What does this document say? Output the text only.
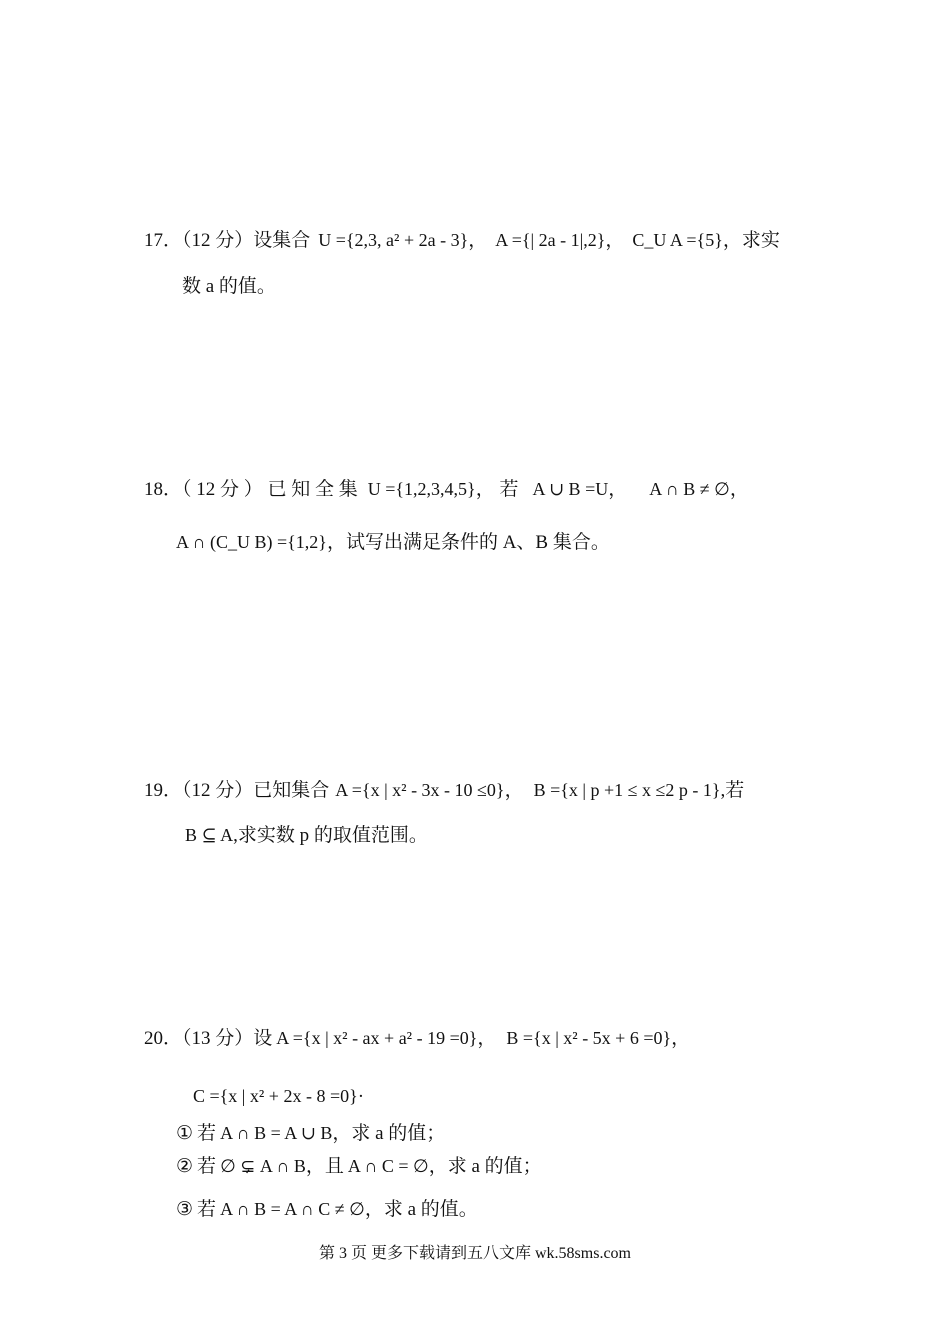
17．（12 分）设集合 U ={2,3, a² + 2a - 3}， A ={| 2a - 1|,2}， C_U A ={5}，求实
数 a 的值。
18．（ 12 分 ） 已 知 全 集 U ={1,2,3,4,5}， 若 A ∪ B =U， A ∩ B ≠ ∅，
A ∩ (C_U B) ={1,2}，试写出满足条件的 A、B 集合。
19．（12 分）已知集合 A ={x | x² - 3x - 10 ≤0}， B ={x | p +1 ≤ x ≤2 p - 1},若
B ⊆ A,求实数 p 的取值范围。
20．（13 分）设 A ={x | x² - ax + a² - 19 =0}， B ={x | x² - 5x + 6 =0}，
C ={x | x² + 2x - 8 =0}·
① 若 A ∩ B = A ∪ B，求 a 的值；
② 若 ∅ ⊊ A ∩ B，且 A ∩ C = ∅，求 a 的值；
③ 若 A ∩ B = A ∩ C ≠ ∅，求 a 的值。
第 3 页 更多下载请到五八文库 wk.58sms.com
